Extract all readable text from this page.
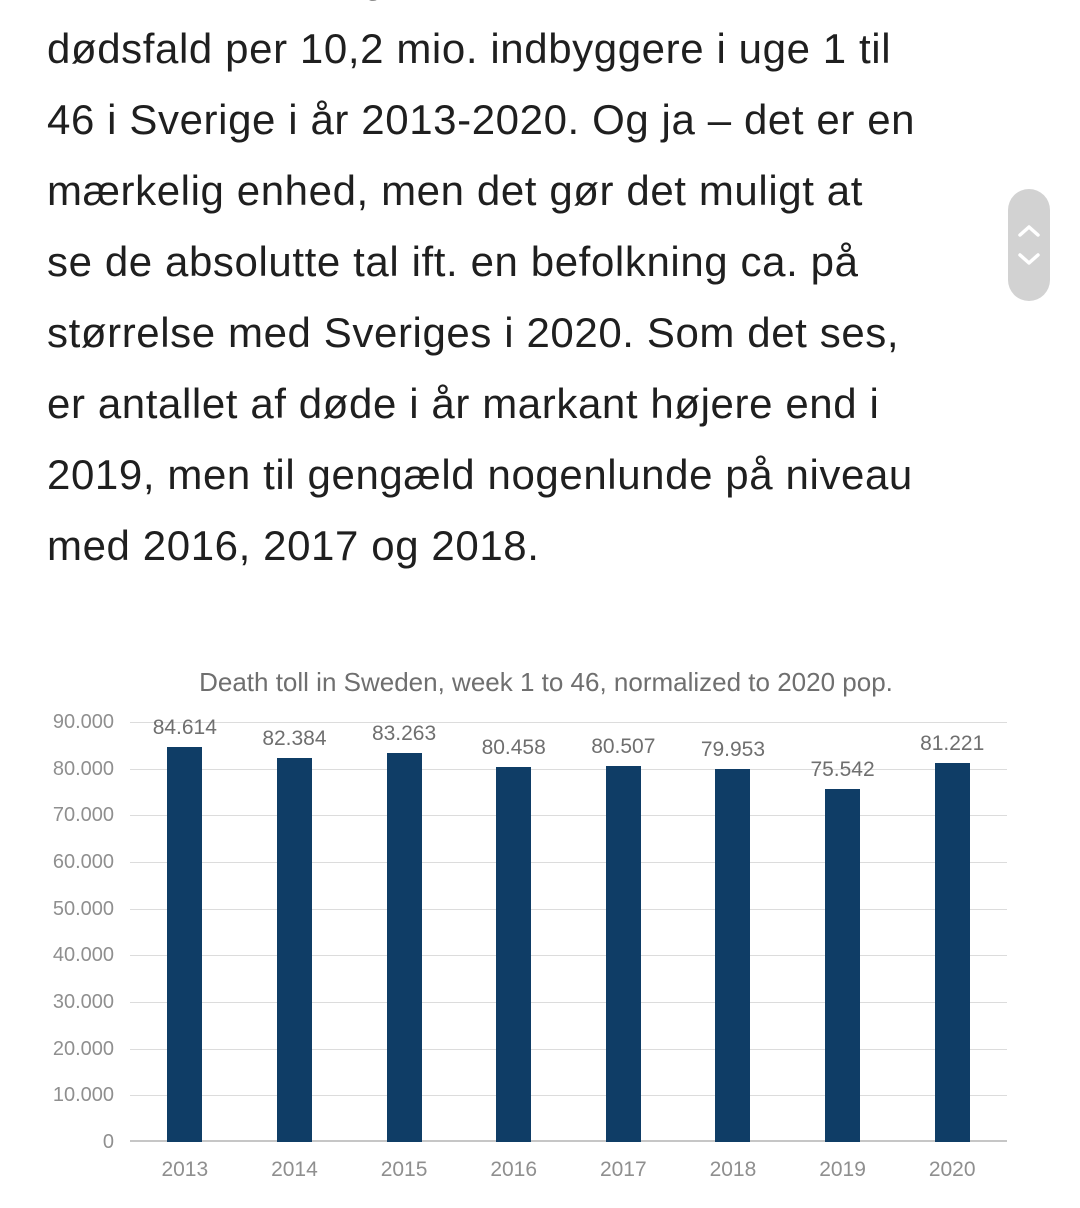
dødsfald per 10,2 mio. indbyggere i uge 1 til
46 i Sverige i år 2013-2020. Og ja – det er en
mærkelig enhed, men det gør det muligt at
se de absolutte tal ift. en befolkning ca. på
størrelse med Sveriges i 2020. Som det ses,
er antallet af døde i år markant højere end i
2019, men til gengæld nogenlunde på niveau
med 2016, 2017 og 2018.
Death toll in Sweden, week 1 to 46, normalized to 2020 pop.
0
10.000
20.000
30.000
40.000
50.000
60.000
70.000
80.000
90.000	84.614
2013
82.384
2014
83.263
2015
80.458
2016
80.507
2017
79.953
2018
75.542
2019
81.221
2020
